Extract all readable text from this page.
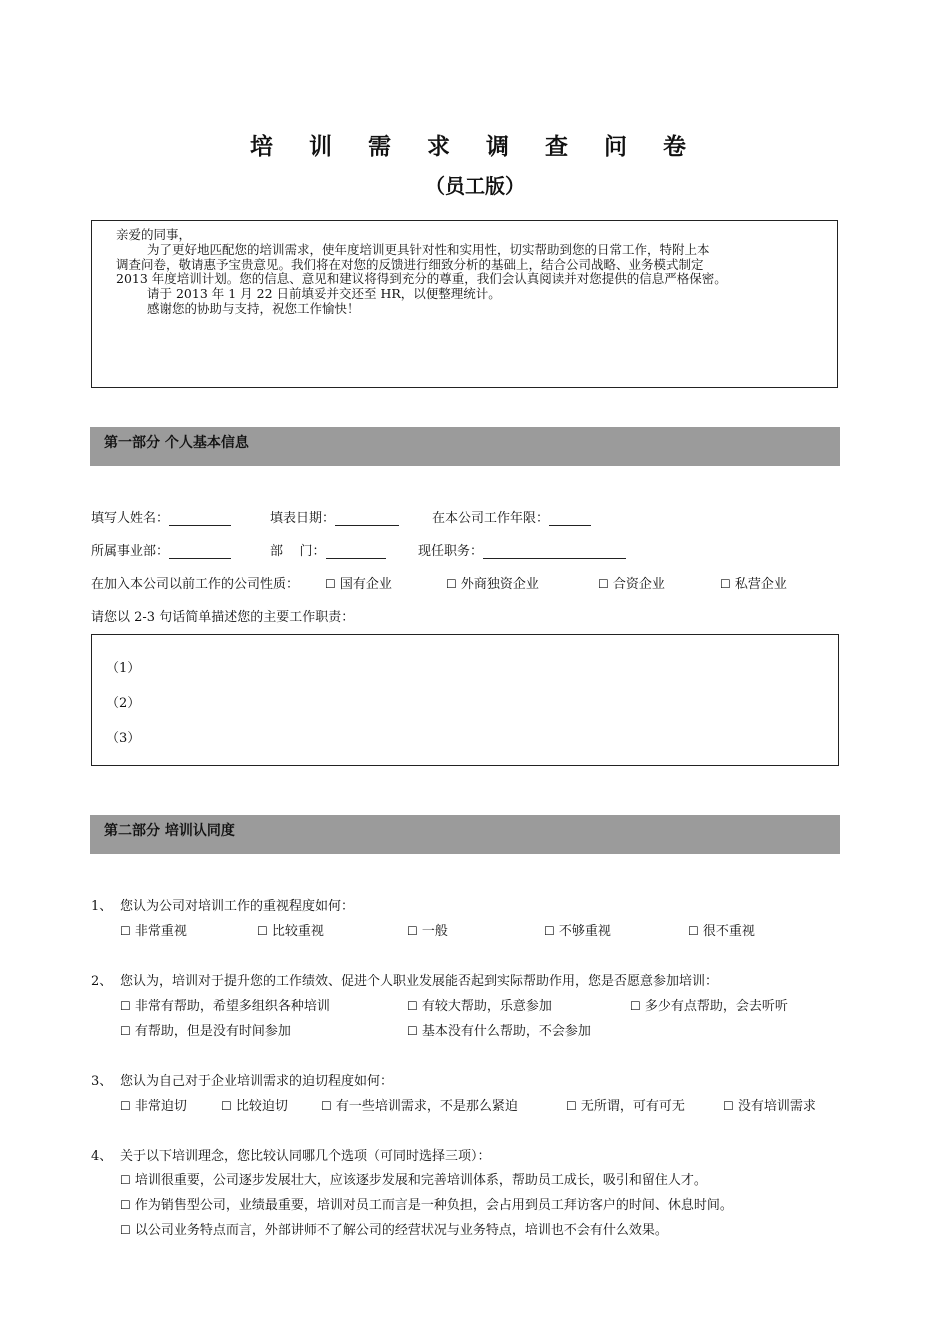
培 训 需 求 调 查 问 卷
（员工版）

亲爱的同事，

为了更好地匹配您的培训需求，使年度培训更具针对性和实用性，切实帮助到您的日常工作，特附上本

调查问卷，敬请惠予宝贵意见。我们将在对您的反馈进行细致分析的基础上，结合公司战略、业务模式制定

2013 年度培训计划。您的信息、意见和建议将得到充分的尊重，我们会认真阅读并对您提供的信息严格保密。

请于 2013 年 1 月 22 日前填妥并交还至 HR，以便整理统计。

感谢您的协助与支持，祝您工作愉快！

第一部分 个人基本信息
填写人姓名：	填表日期：	在本公司工作年限：
所属事业部：	部    门：	现任职务：
在加入本公司以前工作的公司性质： ☐ 国有企业	☐ 外商独资企业	☐ 合资企业	☐ 私营企业
请您以 2-3 句话简单描述您的主要工作职责：
（1）
（2）
（3）
第二部分 培训认同度
1、 您认为公司对培训工作的重视程度如何：
☐ 非常重视	☐ 比较重视	☐ 一般	☐ 不够重视	☐ 很不重视
2、 您认为，培训对于提升您的工作绩效、促进个人职业发展能否起到实际帮助作用，您是否愿意参加培训：
☐ 非常有帮助，希望多组织各种培训	☐ 有较大帮助，乐意参加	☐ 多少有点帮助，会去听听
☐ 有帮助，但是没有时间参加	☐ 基本没有什么帮助，不会参加
3、 您认为自己对于企业培训需求的迫切程度如何：
☐ 非常迫切	☐ 比较迫切	☐ 有一些培训需求，不是那么紧迫	☐ 无所谓，可有可无	☐ 没有培训需求
4、 关于以下培训理念，您比较认同哪几个选项（可同时选择三项）：
☐ 培训很重要，公司逐步发展壮大，应该逐步发展和完善培训体系，帮助员工成长，吸引和留住人才。
☐ 作为销售型公司，业绩最重要，培训对员工而言是一种负担，会占用到员工拜访客户的时间、休息时间。
☐ 以公司业务特点而言，外部讲师不了解公司的经营状况与业务特点，培训也不会有什么效果。
